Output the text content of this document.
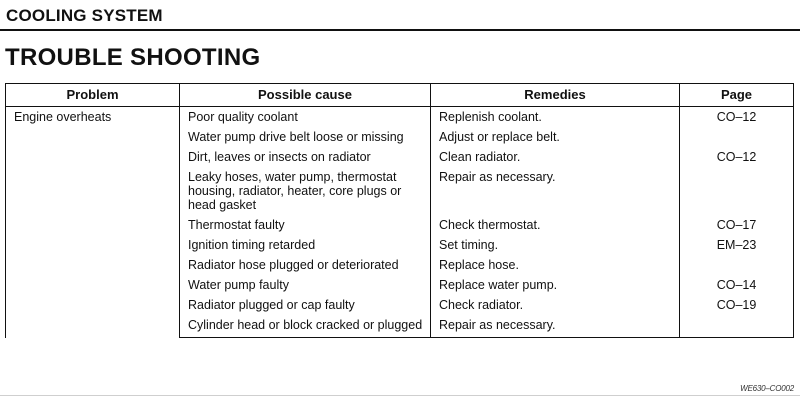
COOLING SYSTEM
TROUBLE SHOOTING
Problem	Possible cause	Remedies	Page
Engine overheats	Poor quality coolant	Replenish coolant.	CO–12
	Water pump drive belt loose or missing	Adjust or replace belt.	
	Dirt, leaves or insects on radiator	Clean radiator.	CO–12
	Leaky hoses, water pump, thermostat housing, radiator, heater, core plugs or head gasket	Repair as necessary.	
	Thermostat faulty	Check thermostat.	CO–17
	Ignition timing retarded	Set timing.	EM–23
	Radiator hose plugged or deteriorated	Replace hose.	
	Water pump faulty	Replace water pump.	CO–14
	Radiator plugged or cap faulty	Check radiator.	CO–19
	Cylinder head or block cracked or plugged	Repair as necessary.	
WE630–CO002
